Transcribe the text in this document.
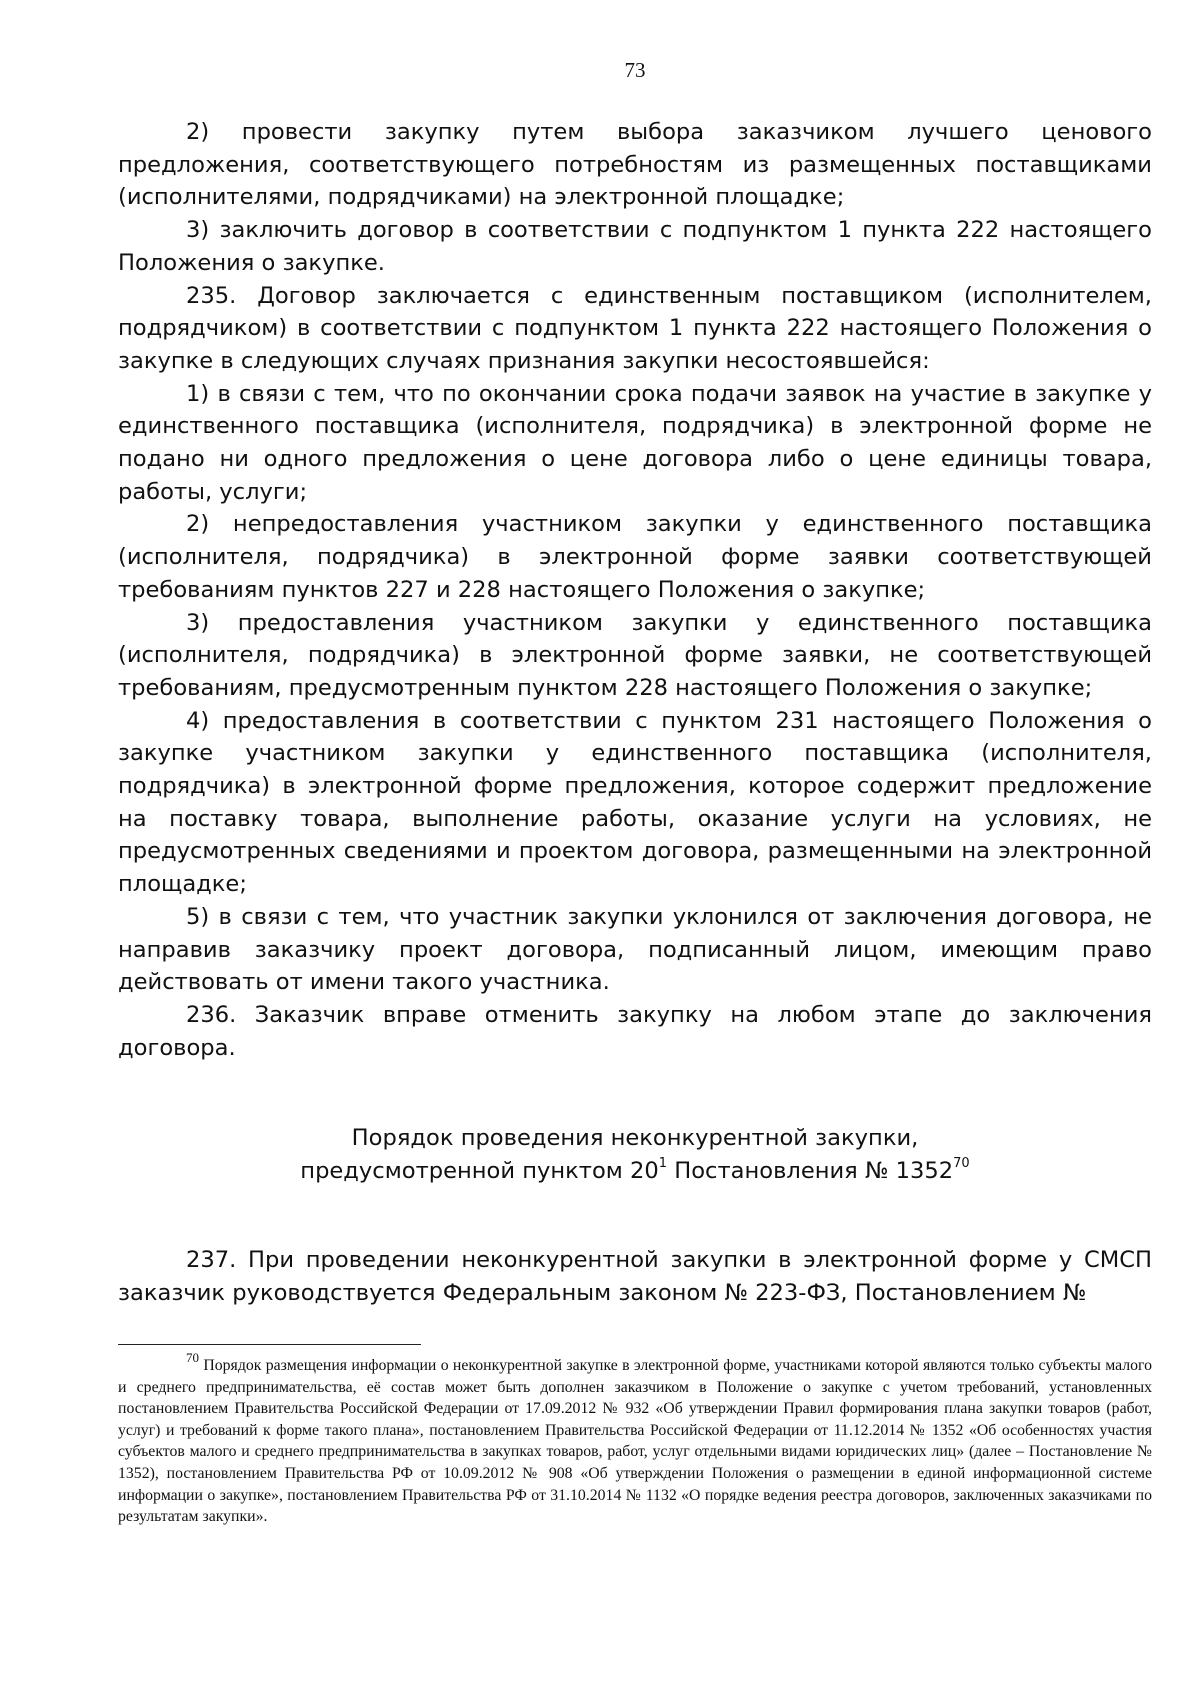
73

2) провести закупку путем выбора заказчиком лучшего ценового предложения, соответствующего потребностям из размещенных поставщиками (исполнителями, подрядчиками) на электронной площадке;

3) заключить договор в соответствии с подпунктом 1 пункта 222 настоящего Положения о закупке.

235. Договор заключается с единственным поставщиком (исполнителем, подрядчиком) в соответствии с подпунктом 1 пункта 222 настоящего Положения о закупке в следующих случаях признания закупки несостоявшейся:

1) в связи с тем, что по окончании срока подачи заявок на участие в закупке у единственного поставщика (исполнителя, подрядчика) в электронной форме не подано ни одного предложения о цене договора либо о цене единицы товара, работы, услуги;

2) непредоставления участником закупки у единственного поставщика (исполнителя, подрядчика) в электронной форме заявки соответствующей требованиям пунктов 227 и 228 настоящего Положения о закупке;

3) предоставления участником закупки у единственного поставщика (исполнителя, подрядчика) в электронной форме заявки, не соответствующей требованиям, предусмотренным пунктом 228 настоящего Положения о закупке;

4) предоставления в соответствии с пунктом 231 настоящего Положения о закупке участником закупки у единственного поставщика (исполнителя, подрядчика) в электронной форме предложения, которое содержит предложение на поставку товара, выполнение работы, оказание услуги на условиях, не предусмотренных сведениями и проектом договора, размещенными на электронной площадке;

5) в связи с тем, что участник закупки уклонился от заключения договора, не направив заказчику проект договора, подписанный лицом, имеющим право действовать от имени такого участника.

236. Заказчик вправе отменить закупку на любом этапе до заключения договора.

Порядок проведения неконкурентной закупки,
предусмотренной пунктом $20^1$ Постановления № 1352$^{70}$

237. При проведении неконкурентной закупки в электронной форме у СМСП заказчик руководствуется Федеральным законом № 223-ФЗ, Постановлением №

$^{70}$ Порядок размещения информации о неконкурентной закупке в электронной форме, участниками которой являются только субъекты малого и среднего предпринимательства, её состав может быть дополнен заказчиком в Положение о закупке с учетом требований, установленных постановлением Правительства Российской Федерации от 17.09.2012 № 932 «Об утверждении Правил формирования плана закупки товаров (работ, услуг) и требований к форме такого плана», постановлением Правительства Российской Федерации от 11.12.2014 № 1352 «Об особенностях участия субъектов малого и среднего предпринимательства в закупках товаров, работ, услуг отдельными видами юридических лиц» (далее – Постановление № 1352), постановлением Правительства РФ от 10.09.2012 № 908 «Об утверждении Положения о размещении в единой информационной системе информации о закупке», постановлением Правительства РФ от 31.10.2014 № 1132 «О порядке ведения реестра договоров, заключенных заказчиками по результатам закупки».
